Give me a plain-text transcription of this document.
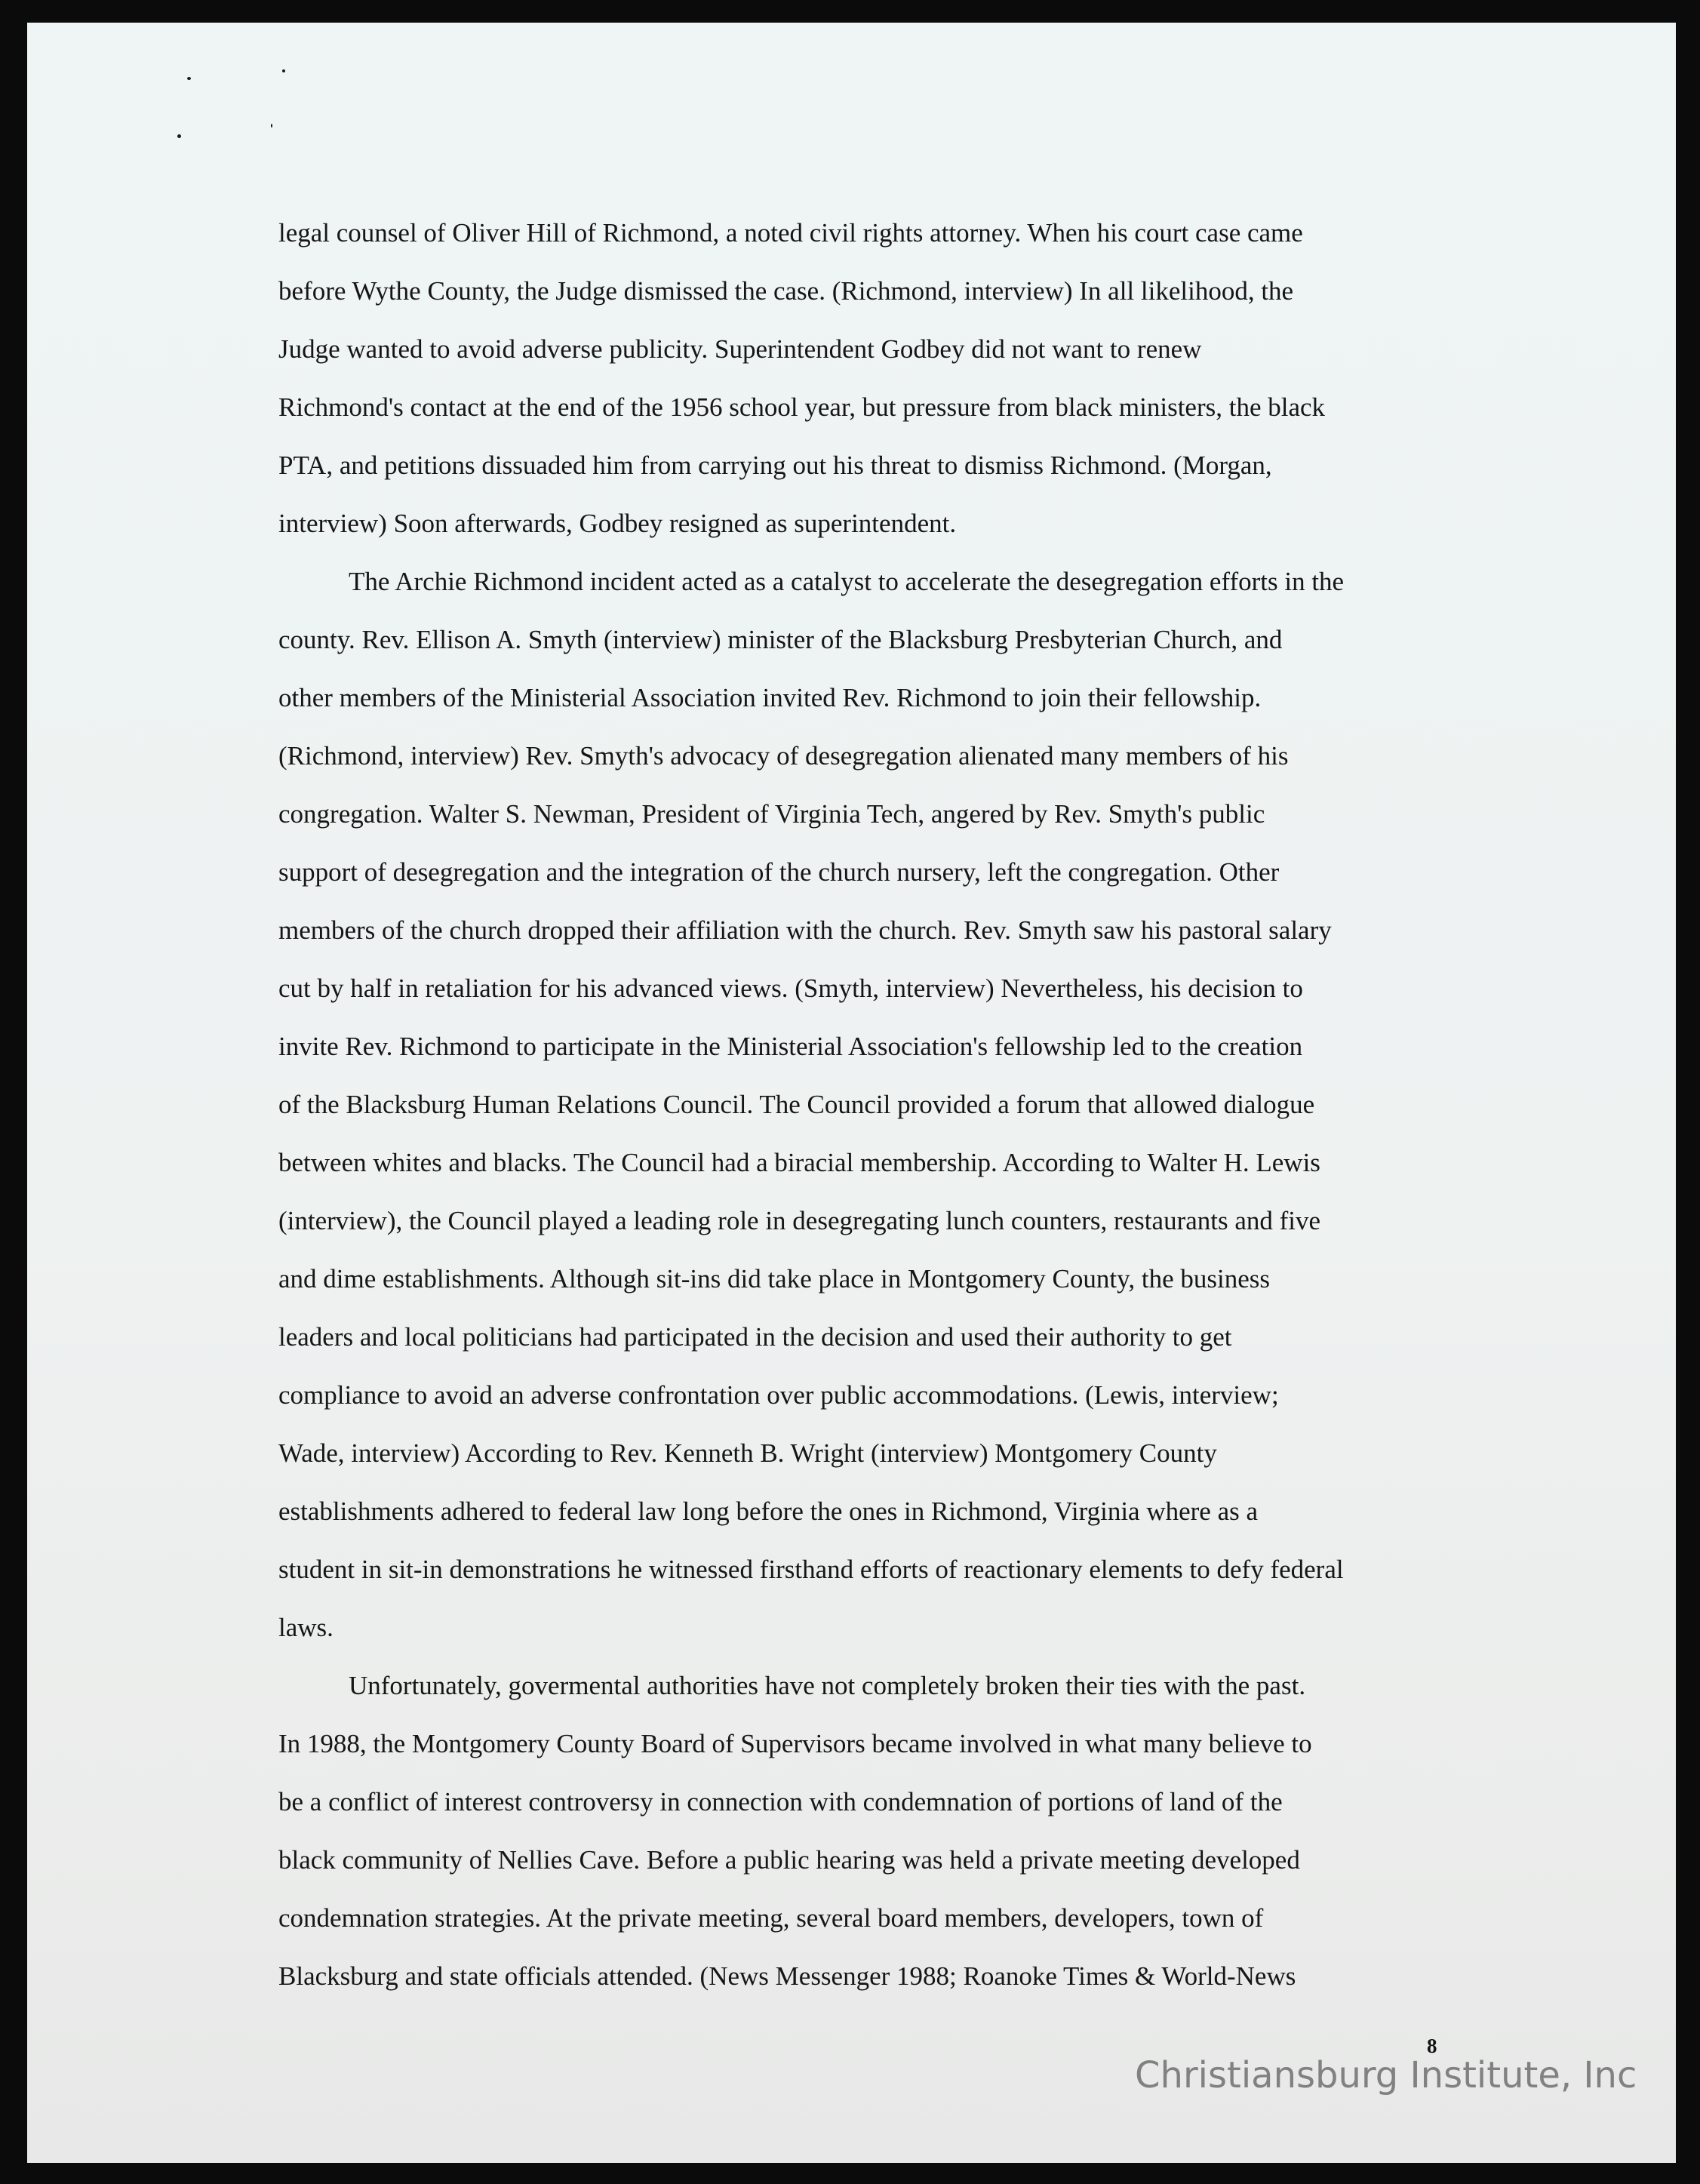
legal counsel of Oliver Hill of Richmond, a noted civil rights attorney. When his court case came
before Wythe County, the Judge dismissed the case. (Richmond, interview) In all likelihood, the
Judge wanted to avoid adverse publicity. Superintendent Godbey did not want to renew
Richmond's contact at the end of the 1956 school year, but pressure from black ministers, the black
PTA, and petitions dissuaded him from carrying out his threat to dismiss Richmond. (Morgan,
interview) Soon afterwards, Godbey resigned as superintendent.
The Archie Richmond incident acted as a catalyst to accelerate the desegregation efforts in the
county. Rev. Ellison A. Smyth (interview) minister of the Blacksburg Presbyterian Church, and
other members of the Ministerial Association invited Rev. Richmond to join their fellowship.
(Richmond, interview) Rev. Smyth's advocacy of desegregation alienated many members of his
congregation. Walter S. Newman, President of Virginia Tech, angered by Rev. Smyth's public
support of desegregation and the integration of the church nursery, left the congregation. Other
members of the church dropped their affiliation with the church. Rev. Smyth saw his pastoral salary
cut by half in retaliation for his advanced views. (Smyth, interview) Nevertheless, his decision to
invite Rev. Richmond to participate in the Ministerial Association's fellowship led to the creation
of the Blacksburg Human Relations Council. The Council provided a forum that allowed dialogue
between whites and blacks. The Council had a biracial membership. According to Walter H. Lewis
(interview), the Council played a leading role in desegregating lunch counters, restaurants and five
and dime establishments. Although sit-ins did take place in Montgomery County, the business
leaders and local politicians had participated in the decision and used their authority to get
compliance to avoid an adverse confrontation over public accommodations. (Lewis, interview;
Wade, interview) According to Rev. Kenneth B. Wright (interview) Montgomery County
establishments adhered to federal law long before the ones in Richmond, Virginia where as a
student in sit-in demonstrations he witnessed firsthand efforts of reactionary elements to defy federal
laws.
Unfortunately, govermental authorities have not completely broken their ties with the past.
In 1988, the Montgomery County Board of Supervisors became involved in what many believe to
be a conflict of interest controversy in connection with condemnation of portions of land of the
black community of Nellies Cave. Before a public hearing was held a private meeting developed
condemnation strategies. At the private meeting, several board members, developers, town of
Blacksburg and state officials attended. (News Messenger 1988; Roanoke Times & World-News
8
Christiansburg Institute, Inc
